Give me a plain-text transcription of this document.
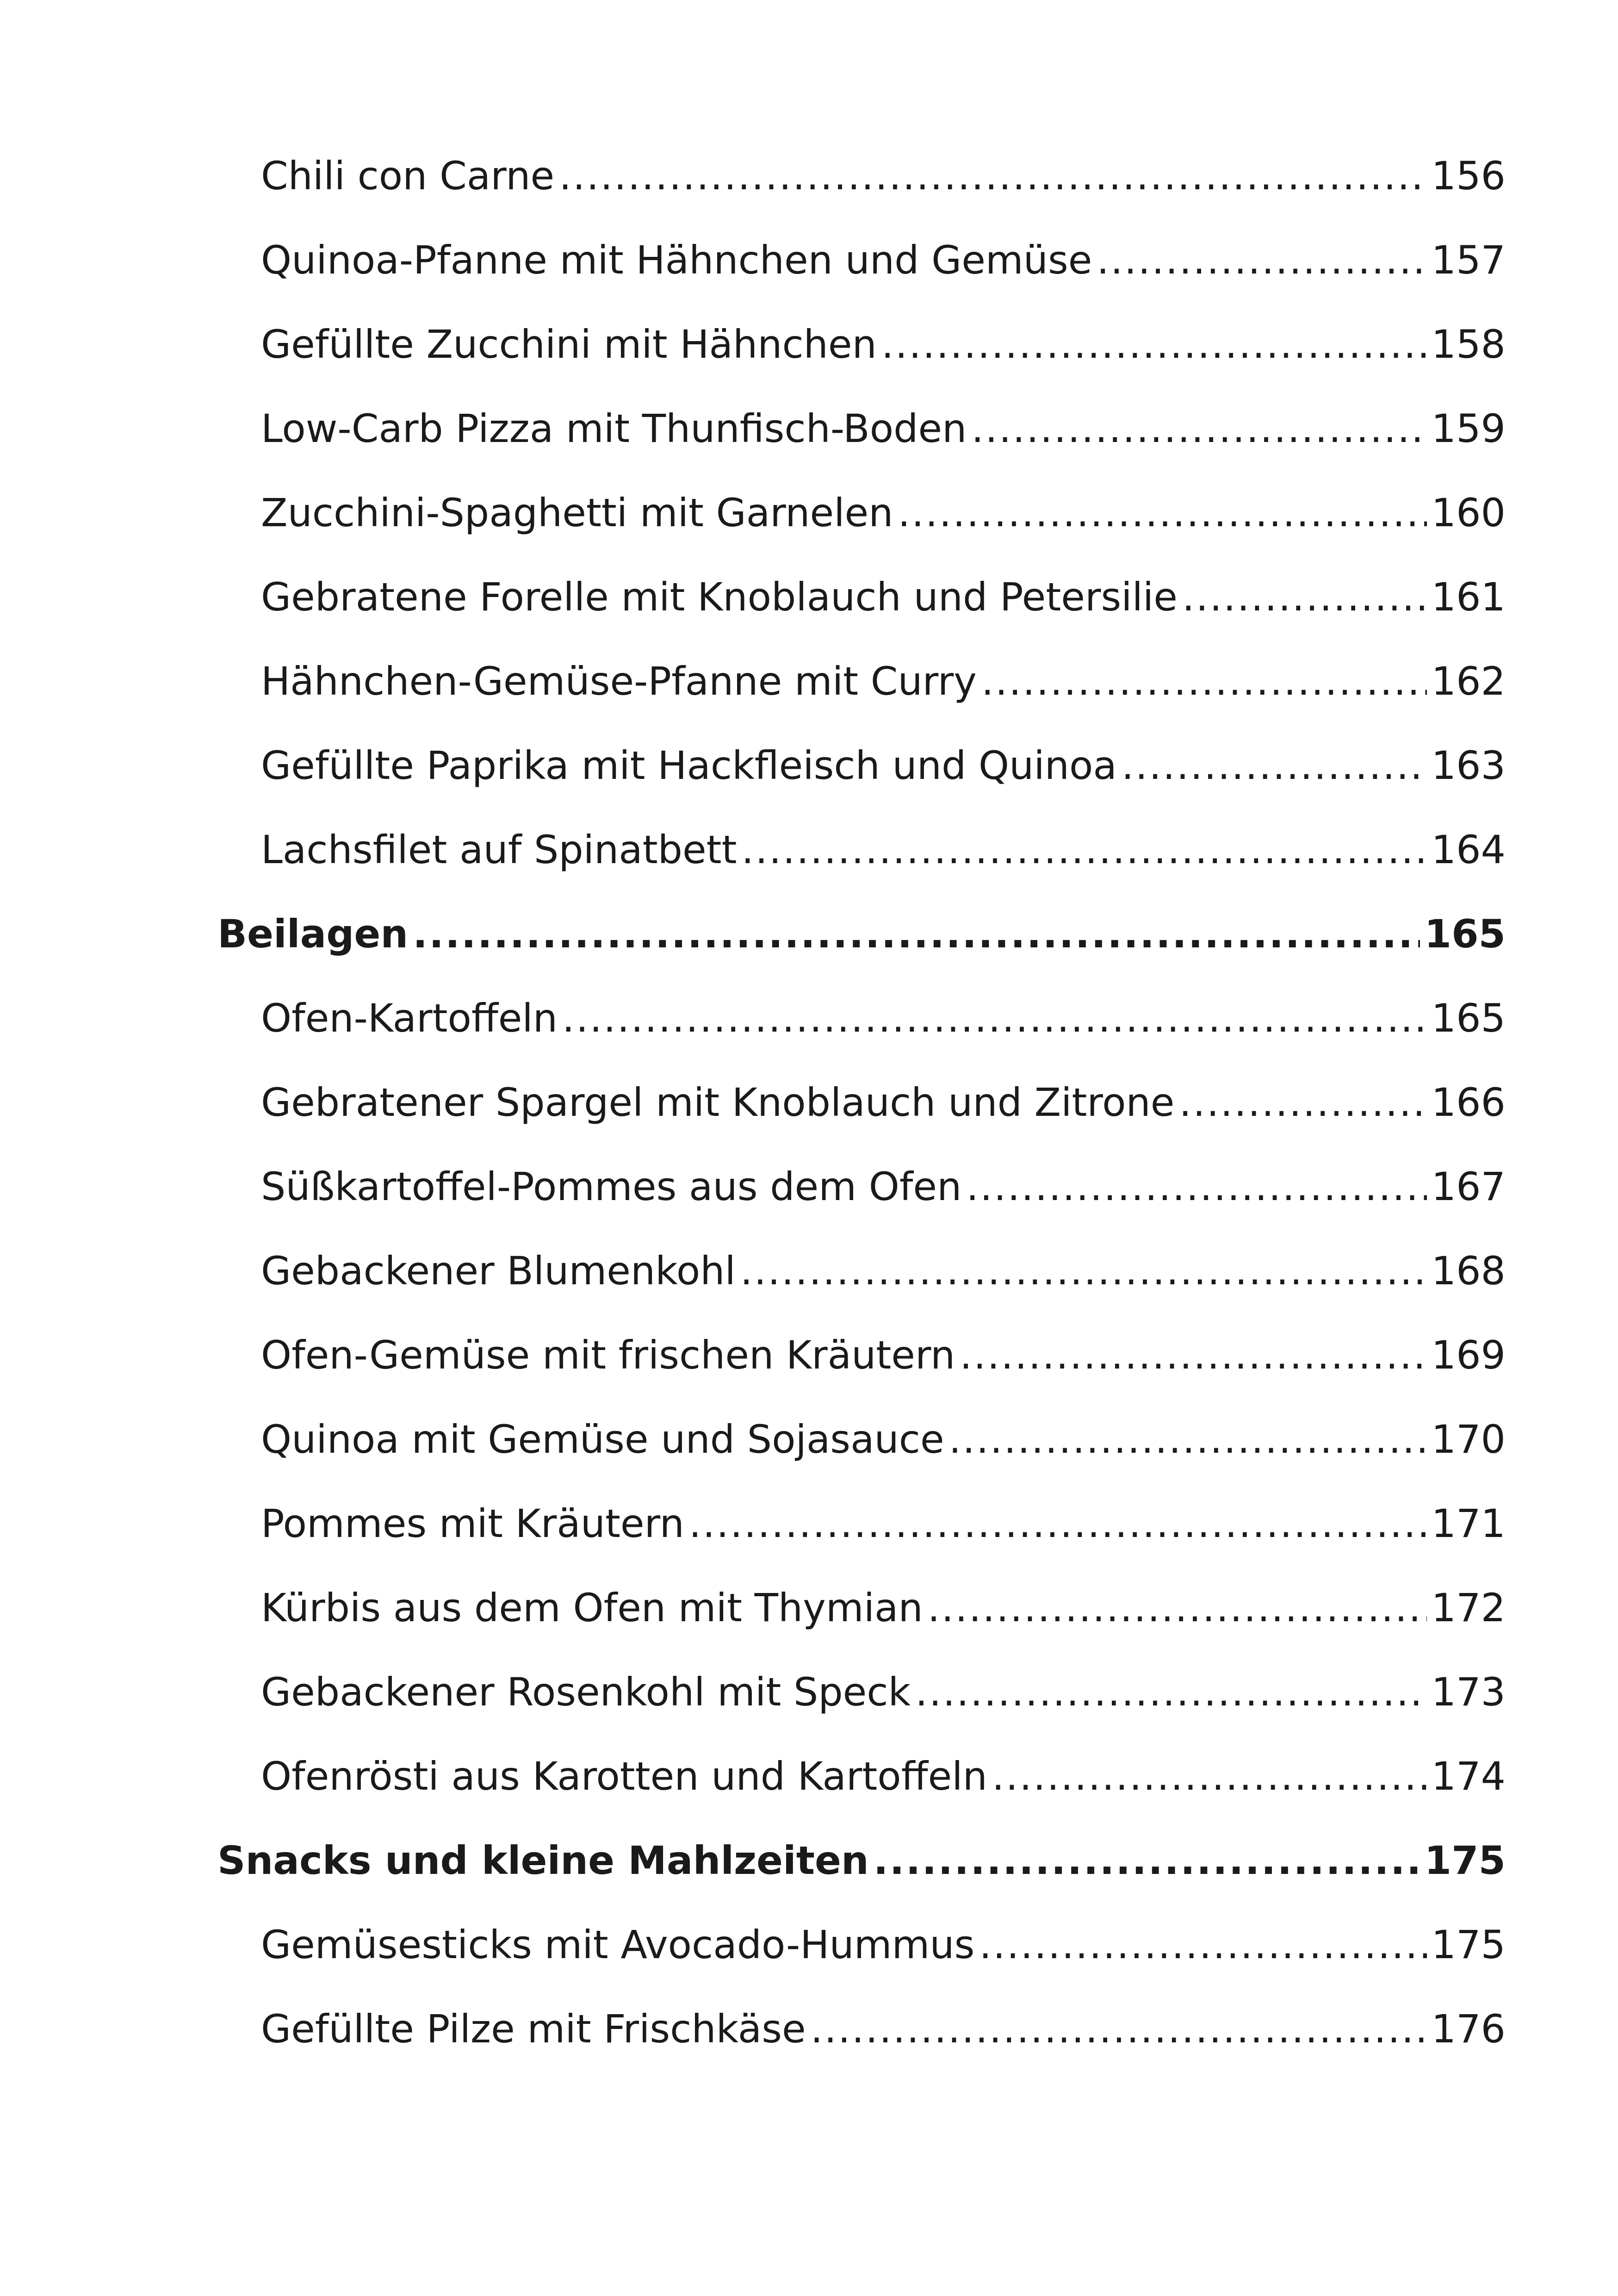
Chili con Carne .....	156
Quinoa-Pfanne mit Hähnchen und Gemüse .....	157
Gefüllte Zucchini mit Hähnchen .....	158
Low-Carb Pizza mit Thunfisch-Boden .....	159
Zucchini-Spaghetti mit Garnelen .....	160
Gebratene Forelle mit Knoblauch und Petersilie .....	161
Hähnchen-Gemüse-Pfanne mit Curry .....	162
Gefüllte Paprika mit Hackfleisch und Quinoa .....	163
Lachsfilet auf Spinatbett .....	164
Beilagen .....	165
Ofen-Kartoffeln .....	165
Gebratener Spargel mit Knoblauch und Zitrone .....	166
Süßkartoffel-Pommes aus dem Ofen .....	167
Gebackener Blumenkohl .....	168
Ofen-Gemüse mit frischen Kräutern .....	169
Quinoa mit Gemüse und Sojasauce .....	170
Pommes mit Kräutern .....	171
Kürbis aus dem Ofen mit Thymian .....	172
Gebackener Rosenkohl mit Speck .....	173
Ofenrösti aus Karotten und Kartoffeln .....	174
Snacks und kleine Mahlzeiten .....	175
Gemüsesticks mit Avocado-Hummus .....	175
Gefüllte Pilze mit Frischkäse .....	176
